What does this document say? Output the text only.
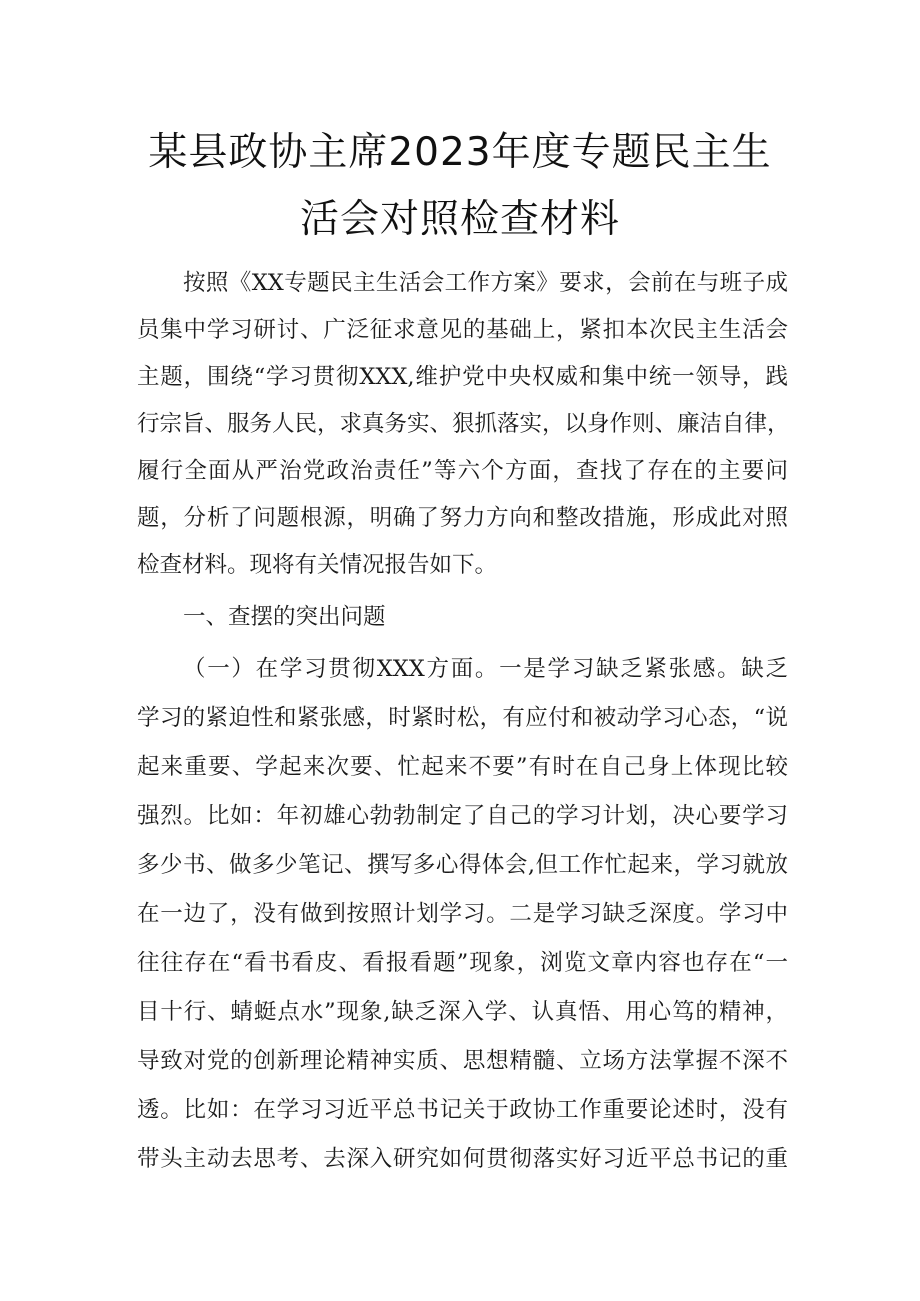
某县政协主席2023年度专题民主生
活会对照检查材料
按照《XX专题民主生活会工作方案》要求，会前在与班子成
员集中学习研讨、广泛征求意见的基础上，紧扣本次民主生活会
主题，围绕“学习贯彻XXX,维护党中央权威和集中统一领导，践
行宗旨、服务人民，求真务实、狠抓落实，以身作则、廉洁自律，
履行全面从严治党政治责任”等六个方面，查找了存在的主要问
题，分析了问题根源，明确了努力方向和整改措施，形成此对照
检查材料。现将有关情况报告如下。
一、查摆的突出问题
（一）在学习贯彻XXX方面。一是学习缺乏紧张感。缺乏
学习的紧迫性和紧张感，时紧时松，有应付和被动学习心态，“说
起来重要、学起来次要、忙起来不要”有时在自己身上体现比较
强烈。比如：年初雄心勃勃制定了自己的学习计划，决心要学习
多少书、做多少笔记、撰写多心得体会,但工作忙起来，学习就放
在一边了，没有做到按照计划学习。二是学习缺乏深度。学习中
往往存在“看书看皮、看报看题”现象，浏览文章内容也存在“一
目十行、蜻蜓点水”现象,缺乏深入学、认真悟、用心笃的精神，
导致对党的创新理论精神实质、思想精髓、立场方法掌握不深不
透。比如：在学习习近平总书记关于政协工作重要论述时，没有
带头主动去思考、去深入研究如何贯彻落实好习近平总书记的重
